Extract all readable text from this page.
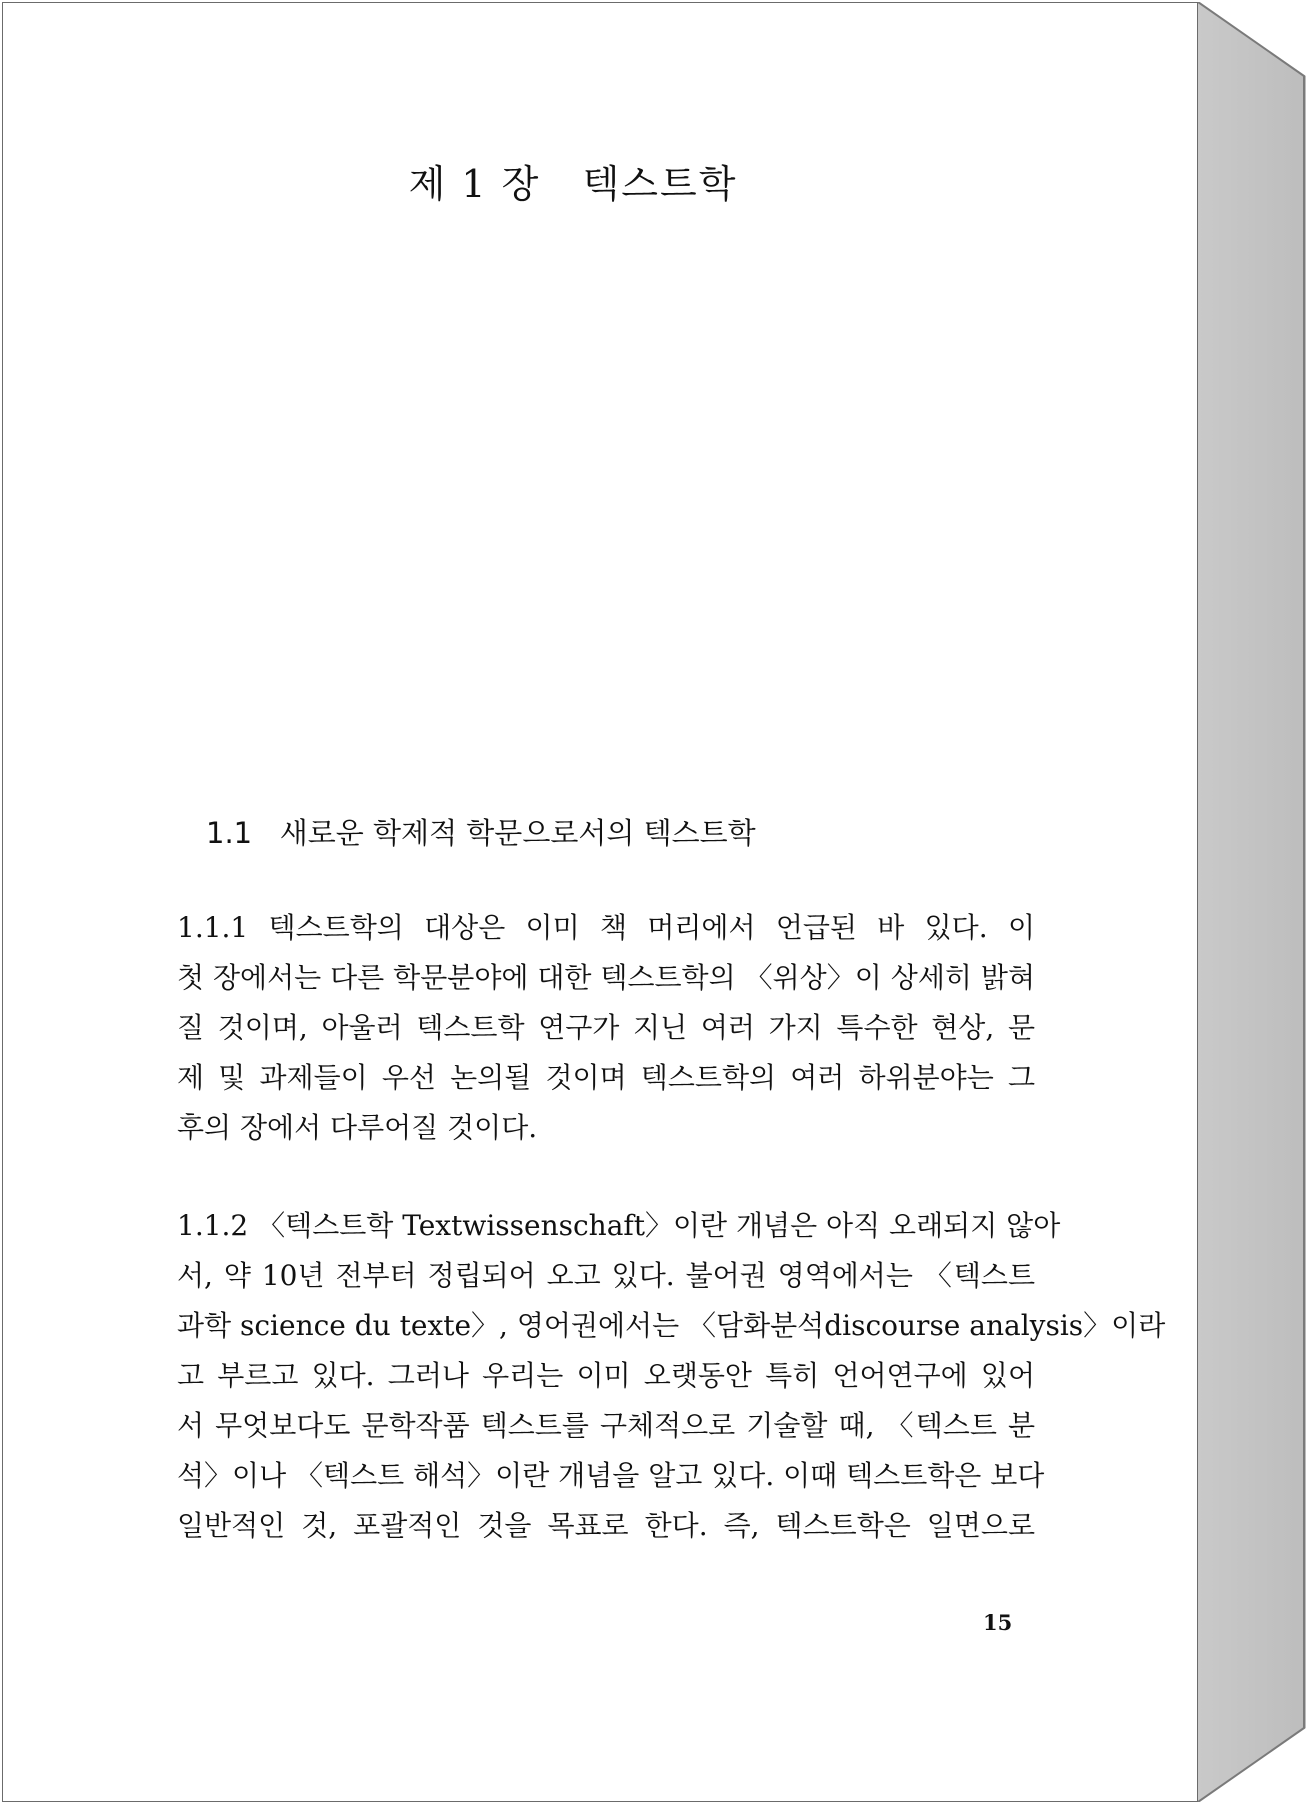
제 1 장   텍스트학
1.1   새로운 학제적 학문으로서의 텍스트학
1.1.1 텍스트학의 대상은 이미 책 머리에서 언급된 바 있다. 이
첫 장에서는 다른 학문분야에 대한 텍스트학의 〈위상〉이 상세히 밝혀
질 것이며, 아울러 텍스트학 연구가 지닌 여러 가지 특수한 현상, 문
제 및 과제들이 우선 논의될 것이며 텍스트학의 여러 하위분야는 그
후의 장에서 다루어질 것이다.
1.1.2 〈텍스트학 Textwissenschaft〉이란 개념은 아직 오래되지 않아
서, 약 10년 전부터 정립되어 오고 있다. 불어권 영역에서는 〈텍스트
과학 science du texte〉, 영어권에서는 〈담화분석discourse analysis〉이라
고 부르고 있다. 그러나 우리는 이미 오랫동안 특히 언어연구에 있어
서 무엇보다도 문학작품 텍스트를 구체적으로 기술할 때, 〈텍스트 분
석〉이나 〈텍스트 해석〉이란 개념을 알고 있다. 이때 텍스트학은 보다
일반적인 것, 포괄적인 것을 목표로 한다. 즉, 텍스트학은 일면으로
15
